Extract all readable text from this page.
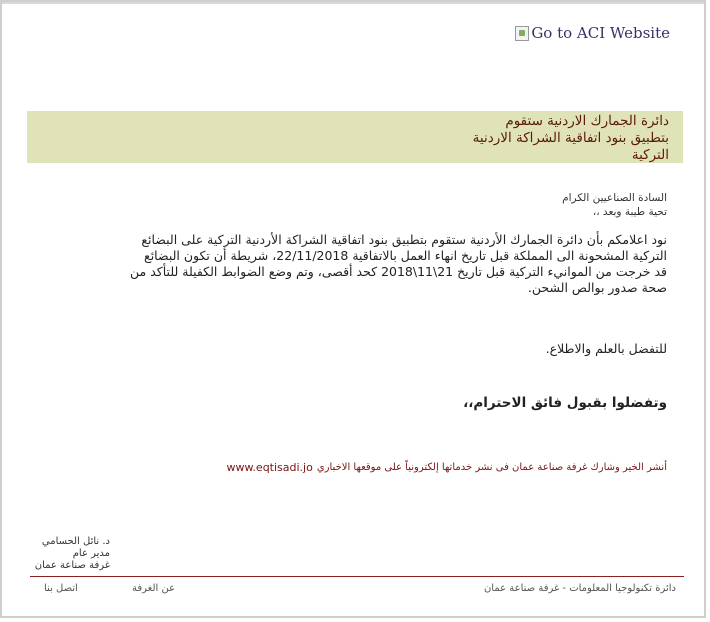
Go to ACI Website
دائرة الجمارك الاردنية ستقوم
بتطبيق بنود اتفاقية الشراكة الاردنية
التركية
السادة الصناعيين الكرام
تحية طيبة وبعد ،،
نود اعلامكم بأن دائرة الجمارك الأردنية ستقوم بتطبيق بنود اتفاقية الشراكة الأردنية التركية على البضائع
التركية المشحونة الى المملكة قبل تاريخ انهاء العمل بالاتفاقية 22/11/2018، شريطة أن تكون البضائع
قد خرجت من الموانيء التركية قبل تاريخ 21\11\2018 كحد أقصى، وتم وضع الضوابط الكفيلة للتأكد من
صحة صدور بوالص الشحن.
للتفضل بالعلم والاطلاع.
وتفضلوا بقبول فائق الاحترام،،
أنشر الخير وشارك غرفة صناعة عمان فى نشر خدماتها إلكترونياً على موقعها الاخباري
www.eqtisadi.jo
د. نائل الحسامي
مدير عام
غرفة صناعة عمان
دائرة تكنولوجيا المعلومات - غرفة صناعة عمان
عن الغرفة
اتصل بنا
